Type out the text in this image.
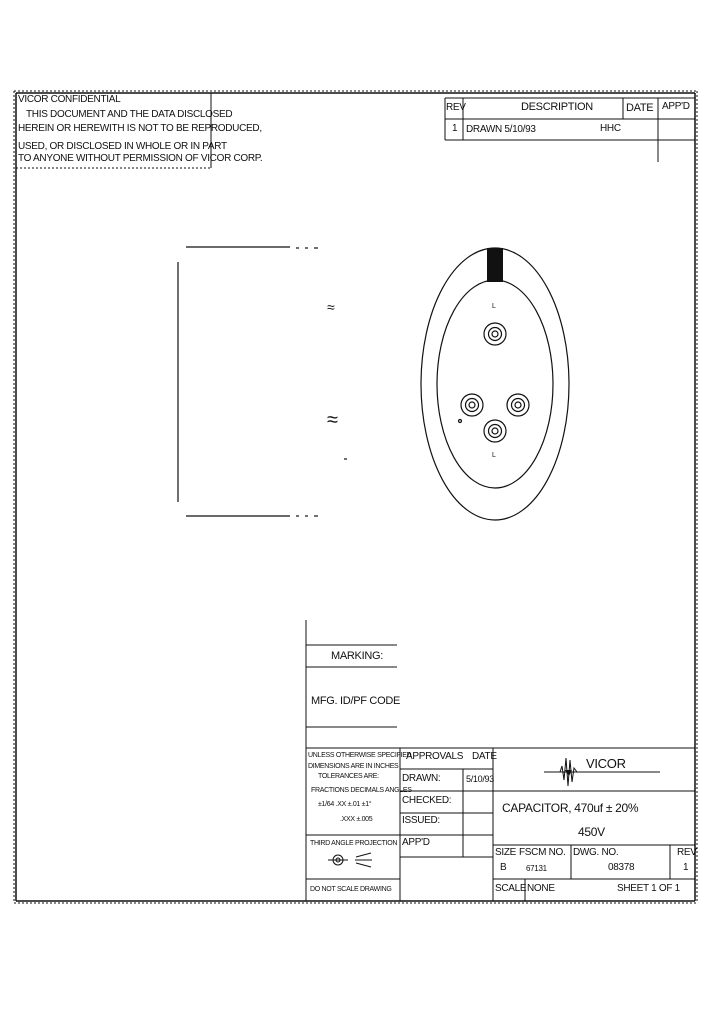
VICOR CONFIDENTIAL
THIS DOCUMENT AND THE DATA DISCLOSED
HEREIN OR HEREWITH IS NOT TO BE REPRODUCED,
USED, OR DISCLOSED IN WHOLE OR IN PART
TO ANYONE WITHOUT PERMISSION OF VICOR CORP.
REV	DESCRIPTION	DATE APP'D
1 DRAWN 5/10/93	HHC
≈
≈
L
L
MARKING:
MFG. ID/PF CODE
UNLESS OTHERWISE SPECIFIED
DIMENSIONS ARE IN INCHES
TOLERANCES ARE:
FRACTIONS DECIMALS ANGLES
±1/64 .XX ±.01 ±1°
.XXX ±.005
THIRD ANGLE PROJECTION
DO NOT SCALE DRAWING
APPROVALS DATE
DRAWN:	5/10/93
CHECKED:
ISSUED:
APP'D
VICOR
CAPACITOR, 470uf ± 20%
450V
SIZE FSCM NO. DWG. NO.	REV
B 67131	08378	1
SCALE NONE	SHEET 1 OF 1
